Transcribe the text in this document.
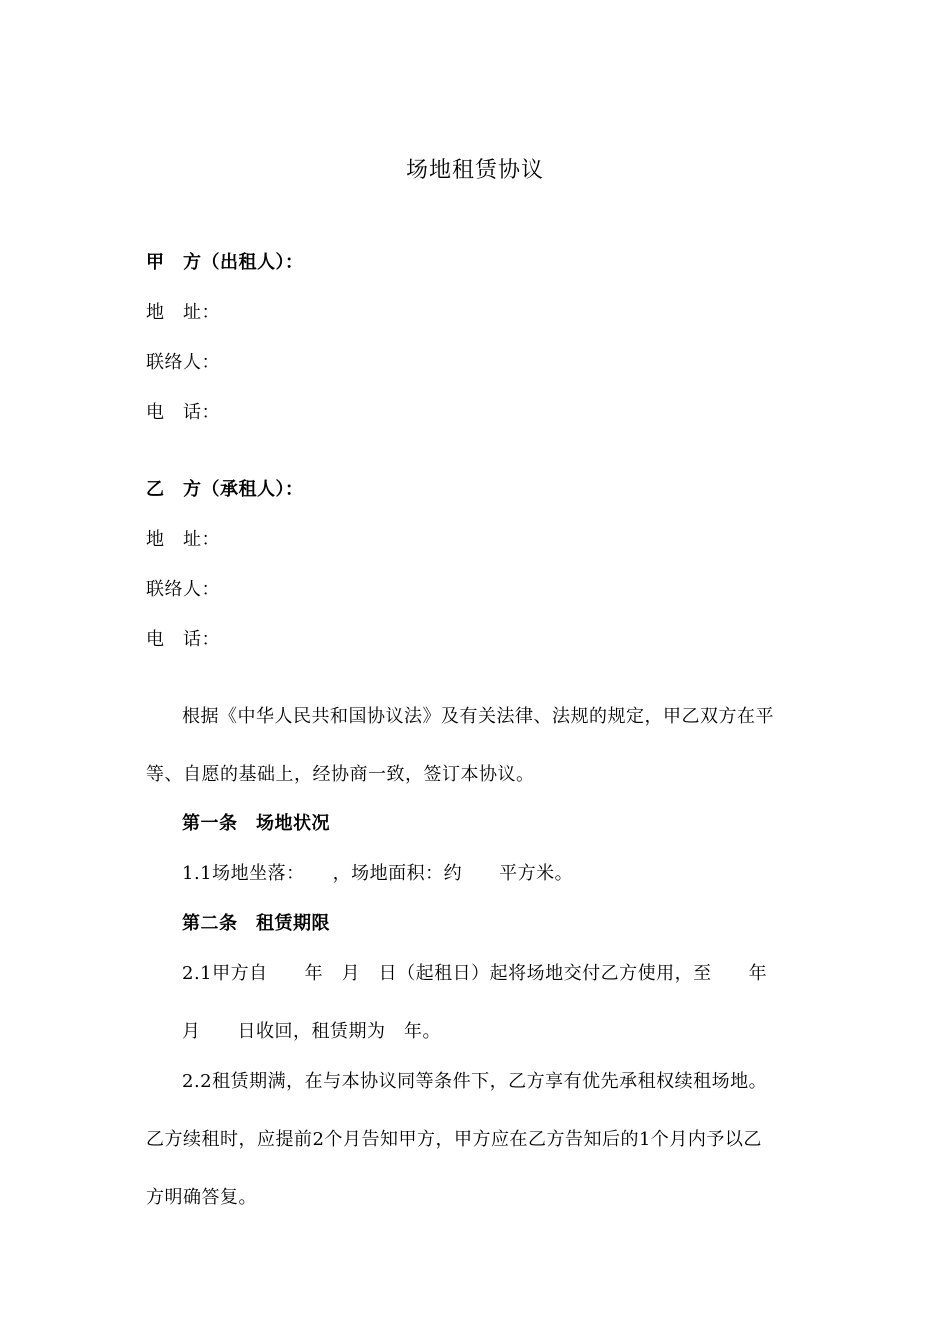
场地租赁协议
甲　方（出租人）：
地　址：
联络人：
电　话：
乙　方（承租人）：
地　址：
联络人：
电　话：
根据《中华人民共和国协议法》及有关法律、法规的规定，甲乙双方在平
等、自愿的基础上，经协商一致，签订本协议。
第一条　场地状况
1.1场地坐落：　　，场地面积：约　　平方米。
第二条　租赁期限
2.1甲方自　　年　月　日（起租日）起将场地交付乙方使用，至　　年
月　　日收回，租赁期为　年。
2.2租赁期满，在与本协议同等条件下，乙方享有优先承租权续租场地。
乙方续租时，应提前2个月告知甲方，甲方应在乙方告知后的1个月内予以乙
方明确答复。
